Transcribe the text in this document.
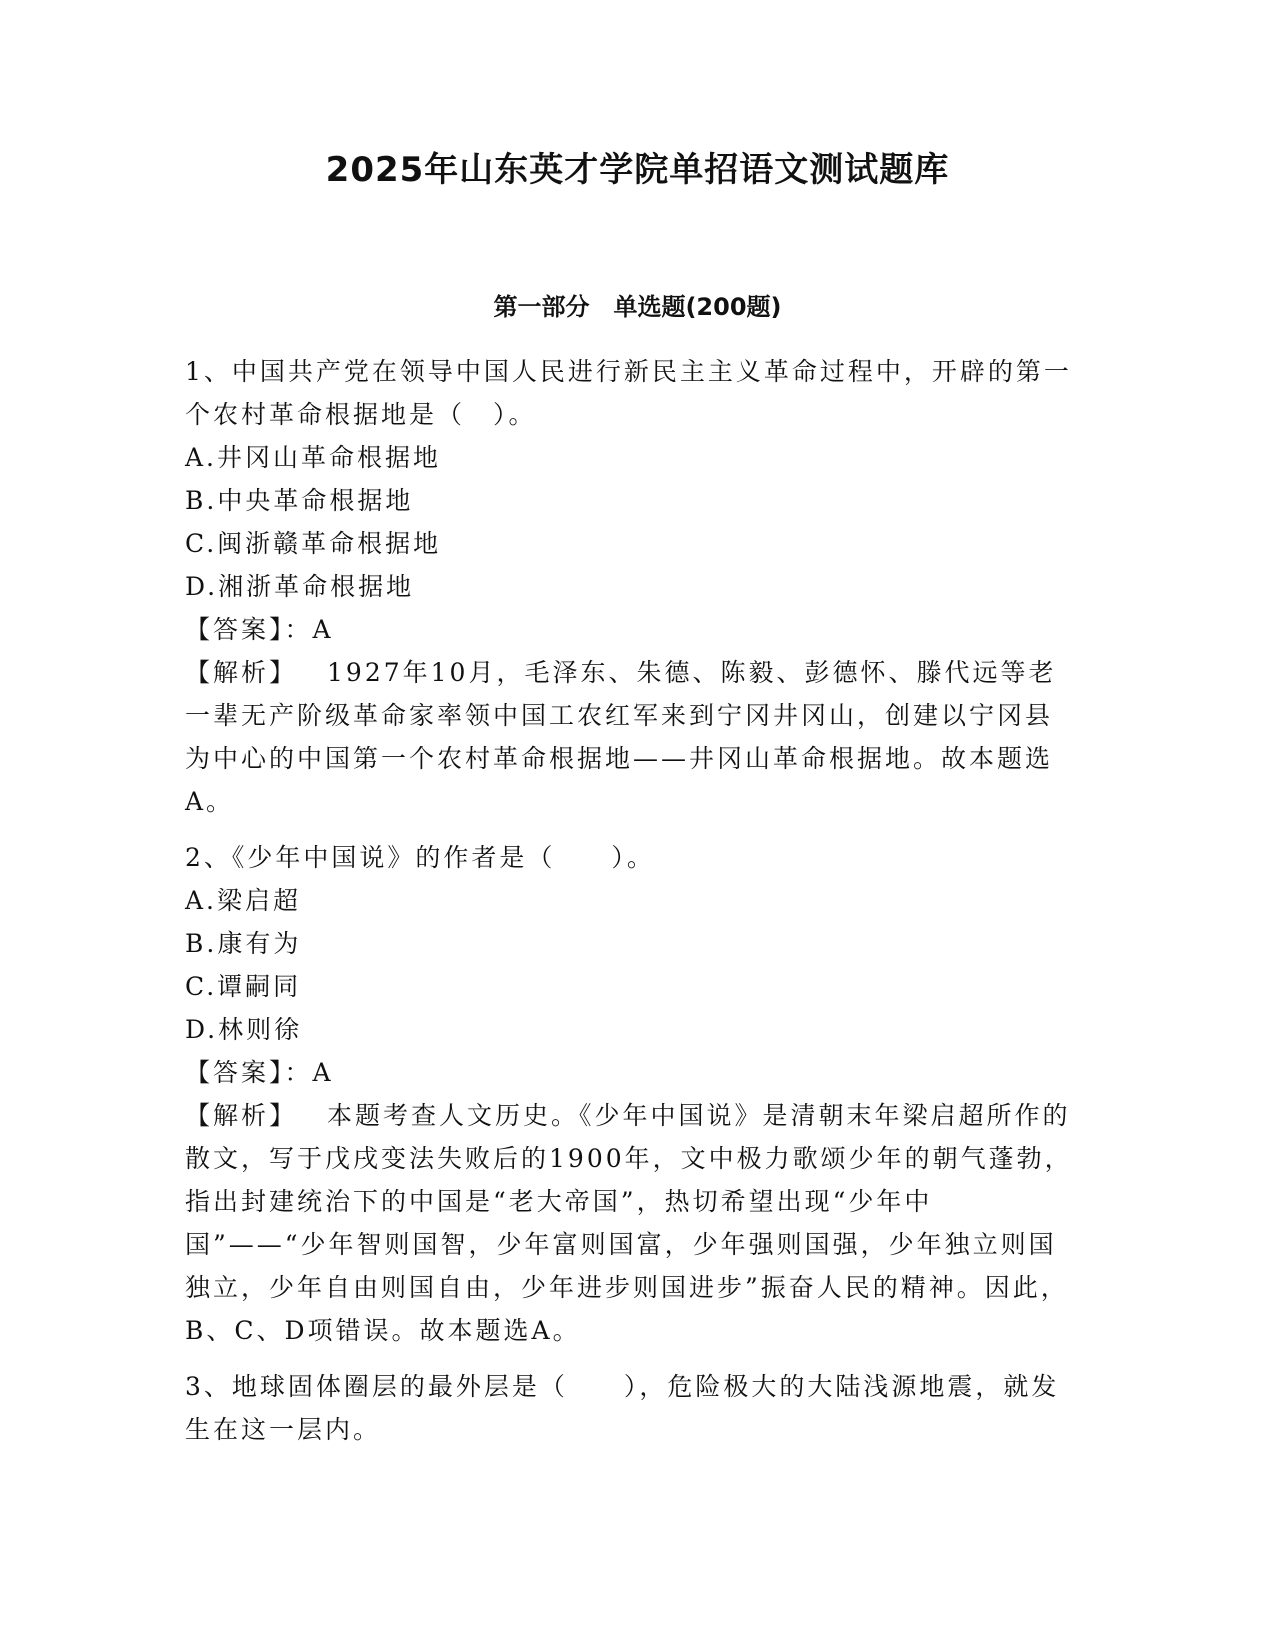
2025年山东英才学院单招语文测试题库
第一部分　单选题(200题)

1、中国共产党在领导中国人民进行新民主主义革命过程中，开辟的第一个农村革命根据地是（　）。

A.井冈山革命根据地

B.中央革命根据地

C.闽浙赣革命根据地

D.湘浙革命根据地

【答案】：A

【解析】 1927年10月，毛泽东、朱德、陈毅、彭德怀、滕代远等老一辈无产阶级革命家率领中国工农红军来到宁冈井冈山，创建以宁冈县为中心的中国第一个农村革命根据地——井冈山革命根据地。故本题选A。

2、《少年中国说》的作者是（　　）。

A.梁启超

B.康有为

C.谭嗣同

D.林则徐

【答案】：A

【解析】 本题考查人文历史。《少年中国说》是清朝末年梁启超所作的散文，写于戊戌变法失败后的1900年，文中极力歌颂少年的朝气蓬勃，指出封建统治下的中国是“老大帝国”，热切希望出现“少年中国”——“少年智则国智，少年富则国富，少年强则国强，少年独立则国独立，少年自由则国自由，少年进步则国进步”振奋人民的精神。因此，B、C、D项错误。故本题选A。

3、地球固体圈层的最外层是（　　），危险极大的大陆浅源地震，就发生在这一层内。
